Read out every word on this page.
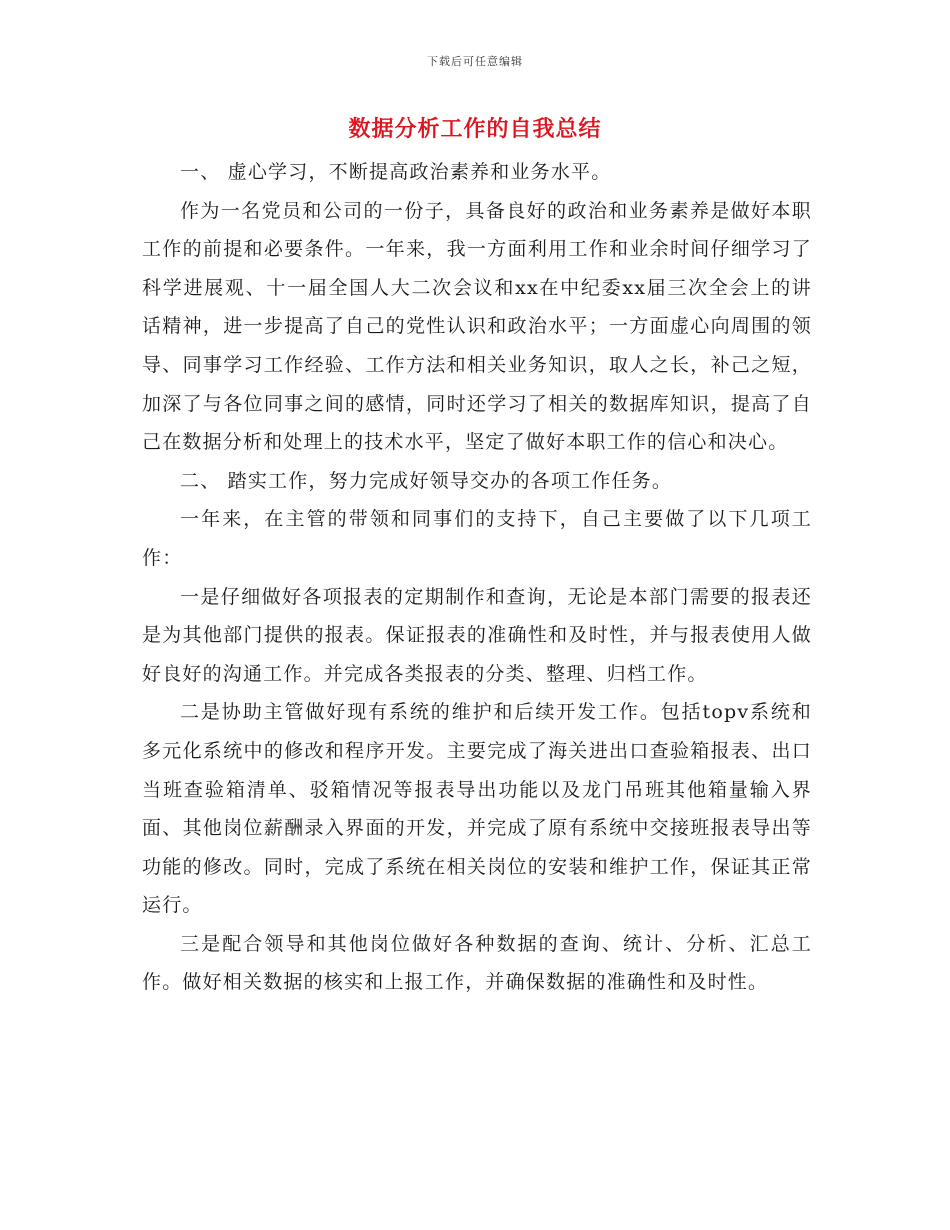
下载后可任意编辑
数据分析工作的自我总结

一、 虚心学习，不断提高政治素养和业务水平。

作为一名党员和公司的一份子，具备良好的政治和业务素养是做好本职工作的前提和必要条件。一年来，我一方面利用工作和业余时间仔细学习了科学进展观、十一届全国人大二次会议和xx在中纪委xx届三次全会上的讲话精神，进一步提高了自己的党性认识和政治水平；一方面虚心向周围的领导、同事学习工作经验、工作方法和相关业务知识，取人之长，补己之短，加深了与各位同事之间的感情，同时还学习了相关的数据库知识，提高了自己在数据分析和处理上的技术水平，坚定了做好本职工作的信心和决心。

二、 踏实工作，努力完成好领导交办的各项工作任务。

一年来，在主管的带领和同事们的支持下，自己主要做了以下几项工作：

一是仔细做好各项报表的定期制作和查询，无论是本部门需要的报表还是为其他部门提供的报表。保证报表的准确性和及时性，并与报表使用人做好良好的沟通工作。并完成各类报表的分类、整理、归档工作。

二是协助主管做好现有系统的维护和后续开发工作。包括topv系统和多元化系统中的修改和程序开发。主要完成了海关进出口查验箱报表、出口当班查验箱清单、驳箱情况等报表导出功能以及龙门吊班其他箱量输入界面、其他岗位薪酬录入界面的开发，并完成了原有系统中交接班报表导出等功能的修改。同时，完成了系统在相关岗位的安装和维护工作，保证其正常运行。

三是配合领导和其他岗位做好各种数据的查询、统计、分析、汇总工作。做好相关数据的核实和上报工作，并确保数据的准确性和及时性。
